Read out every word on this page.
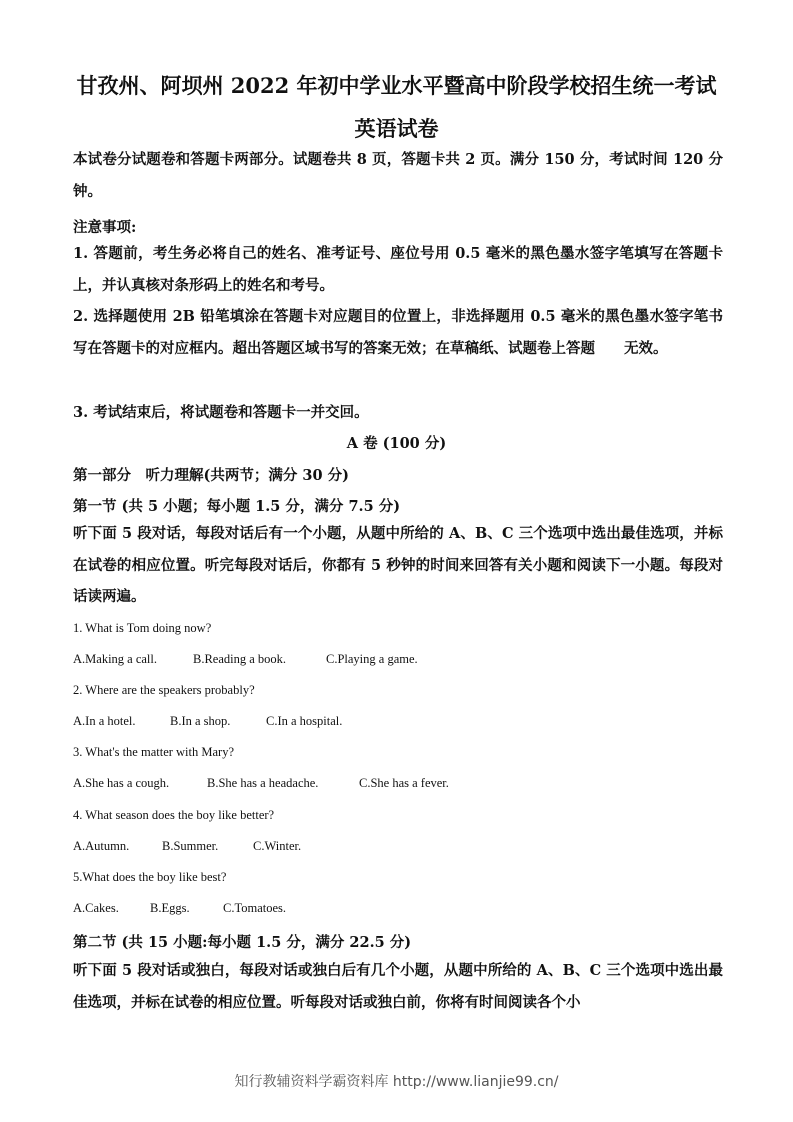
甘孜州、阿坝州 2022 年初中学业水平暨高中阶段学校招生统一考试
英语试卷
本试卷分试题卷和答题卡两部分。试题卷共 8 页，答题卡共 2 页。满分 150 分，考试时间 120 分钟。
注意事项:
1. 答题前，考生务必将自己的姓名、准考证号、座位号用 0.5 毫米的黑色墨水签字笔填写在答题卡上，并认真核对条形码上的姓名和考号。
2. 选择题使用 2B 铅笔填涂在答题卡对应题目的位置上，非选择题用 0.5 毫米的黑色墨水签字笔书写在答题卡的对应框内。超出答题区域书写的答案无效；在草稿纸、试题卷上答题　　无效。
3. 考试结束后，将试题卷和答题卡一并交回。
A 卷 (100 分)
第一部分　听力理解(共两节；满分 30 分)
第一节 (共 5 小题；每小题 1.5 分，满分 7.5 分)
听下面 5 段对话，每段对话后有一个小题，从题中所给的 A、B、C 三个选项中选出最佳选项，并标在试卷的相应位置。听完每段对话后，你都有 5 秒钟的时间来回答有关小题和阅读下一小题。每段对话读两遍。
1. What is Tom doing now?
A.Making a call.	B.Reading a book.	C.Playing a game.
2. Where are the speakers probably?
A.In a hotel.	B.In a shop.	C.In a hospital.
3. What's the matter with Mary?
A.She has a cough.	B.She has a headache.	C.She has a fever.
4. What season does the boy like better?
A.Autumn.	B.Summer.	C.Winter.
5.What does the boy like best?
A.Cakes. B.Eggs.	C.Tomatoes.
第二节 (共 15 小题:每小题 1.5 分，满分 22.5 分)
听下面 5 段对话或独白，每段对话或独白后有几个小题，从题中所给的 A、B、C 三个选项中选出最佳选项，并标在试卷的相应位置。听每段对话或独白前，你将有时间阅读各个小
知行教辅资料学霸资料库 http://www.lianjie99.cn/
